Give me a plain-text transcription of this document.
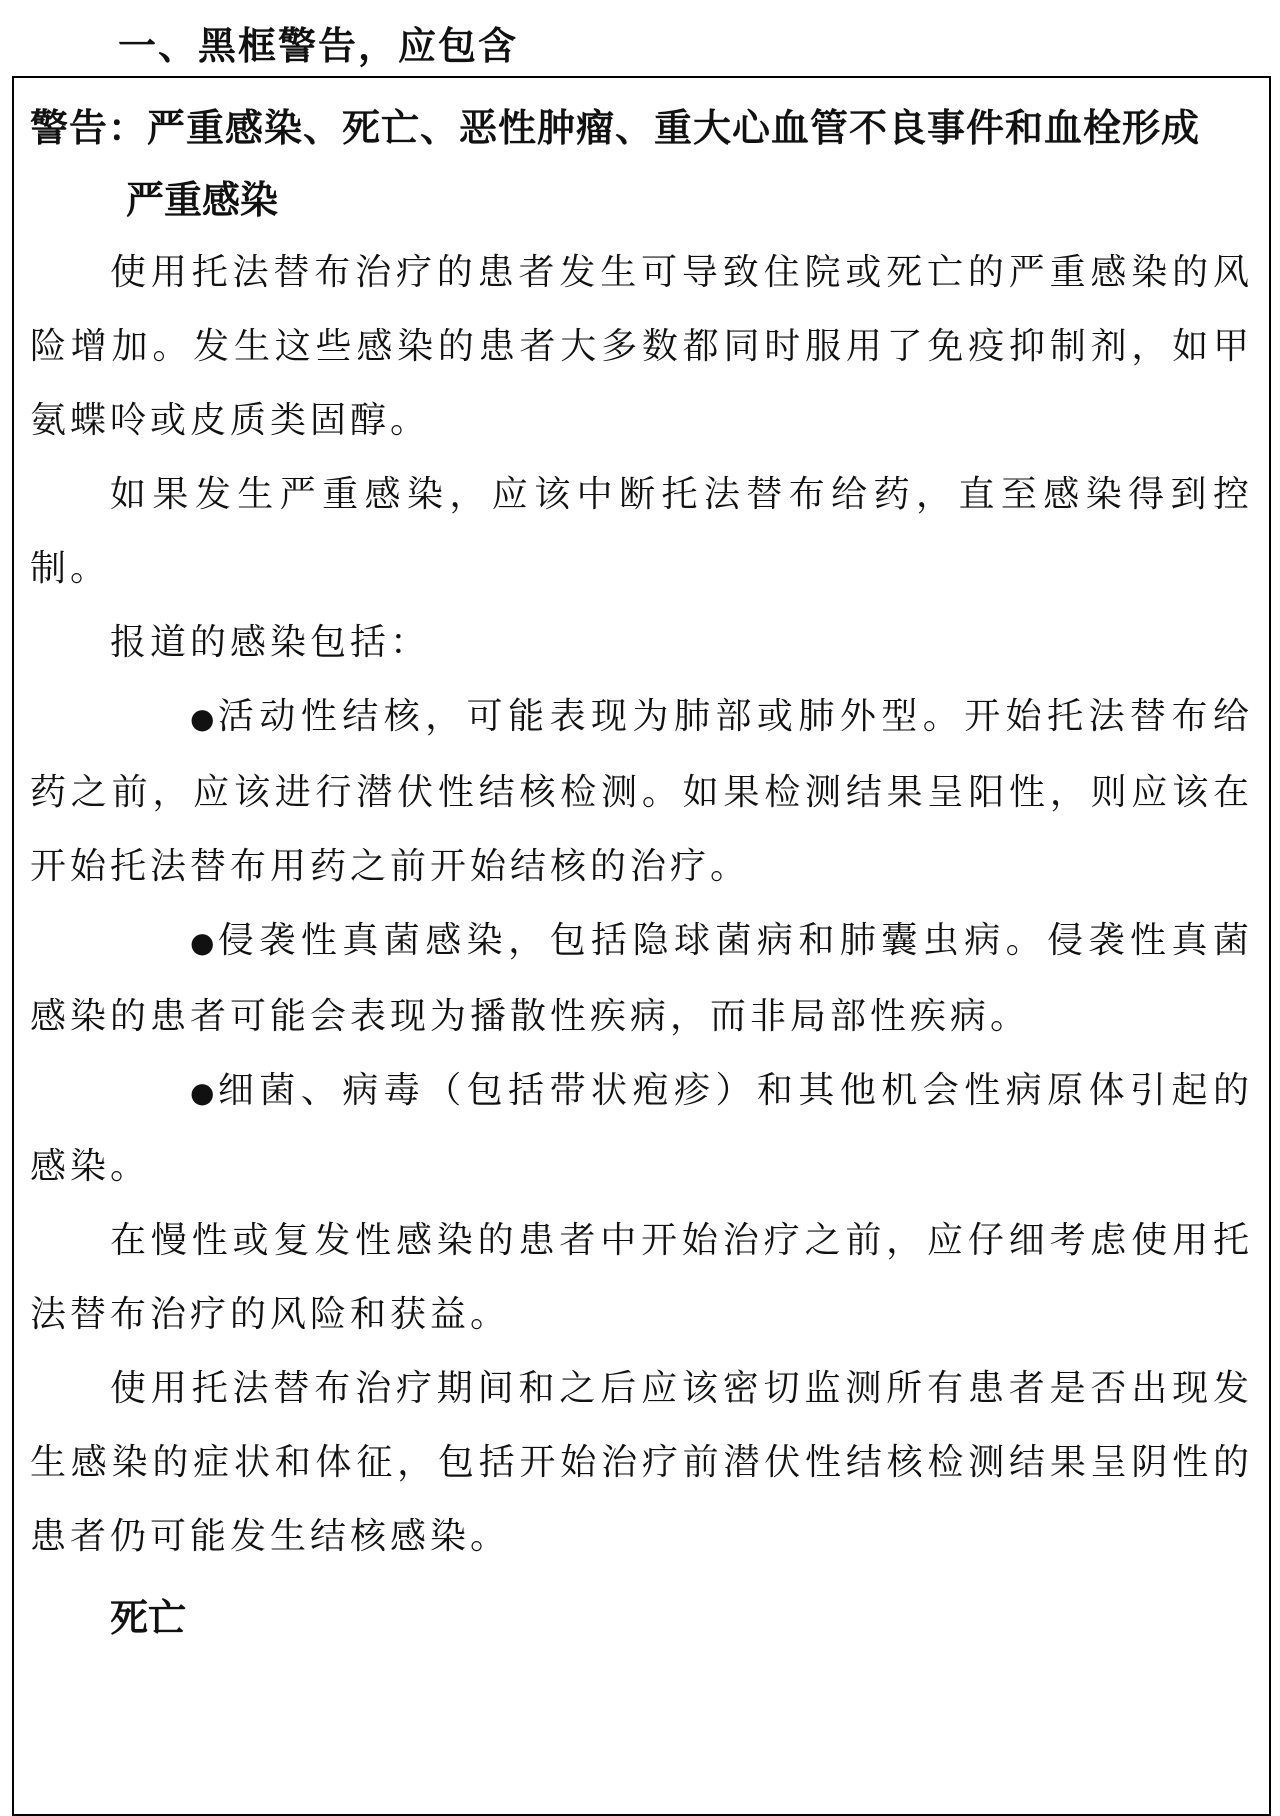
一、黑框警告，应包含

警告：严重感染、死亡、恶性肿瘤、重大心血管不良事件和血栓形成

严重感染

使用托法替布治疗的患者发生可导致住院或死亡的严重感染的风险增加。发生这些感染的患者大多数都同时服用了免疫抑制剂，如甲氨蝶呤或皮质类固醇。

如果发生严重感染，应该中断托法替布给药，直至感染得到控制。

报道的感染包括：

●活动性结核，可能表现为肺部或肺外型。开始托法替布给药之前，应该进行潜伏性结核检测。如果检测结果呈阳性，则应该在开始托法替布用药之前开始结核的治疗。

●侵袭性真菌感染，包括隐球菌病和肺囊虫病。侵袭性真菌感染的患者可能会表现为播散性疾病，而非局部性疾病。

●细菌、病毒（包括带状疱疹）和其他机会性病原体引起的感染。

在慢性或复发性感染的患者中开始治疗之前，应仔细考虑使用托法替布治疗的风险和获益。

使用托法替布治疗期间和之后应该密切监测所有患者是否出现发生感染的症状和体征，包括开始治疗前潜伏性结核检测结果呈阴性的患者仍可能发生结核感染。

死亡
